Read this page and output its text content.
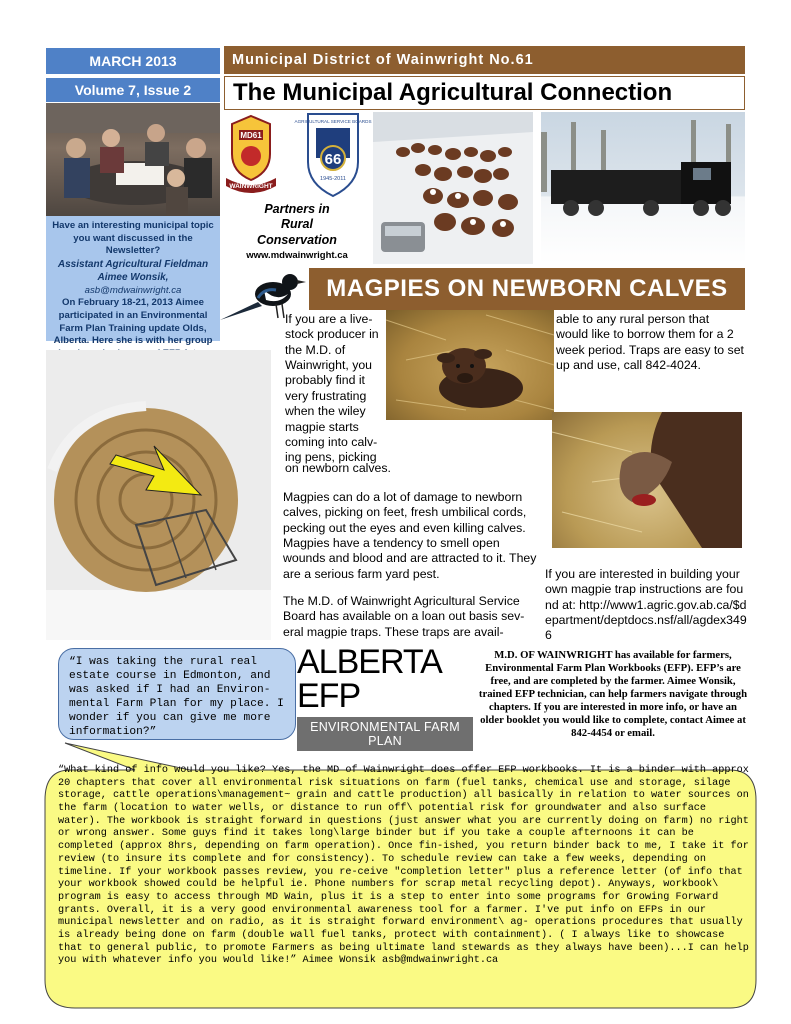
MARCH 2013
Volume 7, Issue 2
Municipal District of Wainwright No.61
The Municipal Agricultural Connection
Have an interesting municipal topic you want discussed in the Newsletter?
Assistant Agricultural Fieldman
Aimee Wonsik, asb@mdwainwright.ca
On February 18-21, 2013 Aimee participated in an Environmental Farm Plan Training update Olds, Alberta. Here she is with her group
MD61
WAINWRIGHT
AGRICULTURAL SERVICE BOARDS
66
1945-2011
Partners in
Rural
Conservation
www.mdwainwright.ca
MAGPIES ON NEWBORN CALVES
If you are a live-stock producer in the M.D. of Wainwright, you probably find it very frustrating when the wiley magpie starts coming into calv-ing pens, picking
on newborn calves.
Magpies can do a lot of damage to newborn calves, picking on feet, fresh umbilical cords, pecking out the eyes and even killing calves. Magpies have a tendency to smell open wounds and blood and are attracted to it. They are a serious farm yard pest.
The M.D. of Wainwright Agricultural Service Board has available on a loan out basis sev-eral magpie traps. These traps are avail-
able to any rural person that would like to borrow them for a 2 week period. Traps are easy to set up and use, call 842-4024.
If you are interested in building your own magpie trap instructions are found at: http://www1.agric.gov.ab.ca/$department/deptdocs.nsf/all/agdex3496
“I was taking the rural real estate course in Edmonton, and was asked if I had an Environ-mental Farm Plan for my place. I wonder if you can give me more information?”
ALBERTA EFP
ENVIRONMENTAL FARM PLAN
M.D. OF WAINWRIGHT has available for farmers, Environmental Farm Plan Workbooks (EFP). EFP’s are free, and are completed by the farmer. Aimee Wonsik, trained EFP technician, can help farmers navigate through chapters. If you are interested in more info, or have an older booklet you would like to complete, contact Aimee at 842-4454 or email.
“What kind of info would you like? Yes, the MD of Wainwright does offer EFP workbooks. It is a binder with approx 20 chapters that cover all environmental risk situations on farm (fuel tanks, chemical use and storage, silage storage, cattle operations\management~ grain and cattle production) all basically in relation to water sources on the farm (location to water wells, or distance to run off\ potential risk for groundwater and also surface water). The workbook is straight forward in questions (just answer what you are currently doing on farm) no right or wrong answer. Some guys find it takes long\large binder but if you take a couple afternoons it can be completed (approx 8hrs, depending on farm operation). Once fin-ished, you return binder back to me, I take it for review (to insure its complete and for consistency). To schedule review can take a few weeks, depending on timeline. If your workbook passes review, you re-ceive "completion letter" plus a reference letter (of info that your workbook showed could be helpful ie. Phone numbers for scrap metal recycling depot). Anyways, workbook\ program is easy to access through MD Wain, plus it is a step to enter into some programs for Growing Forward grants. Overall, it is a very good environmental awareness tool for a farmer. I've put info on EFPs in our municipal newsletter and on radio, as it is straight forward environment\ ag- operations procedures that usually is already being done on farm (double wall fuel tanks, protect with containment). ( I always like to showcase that to general public, to promote Farmers as being ultimate land stewards as they always have been)...I can help you with whatever info you would like!” Aimee Wonsik asb@mdwainwright.ca
